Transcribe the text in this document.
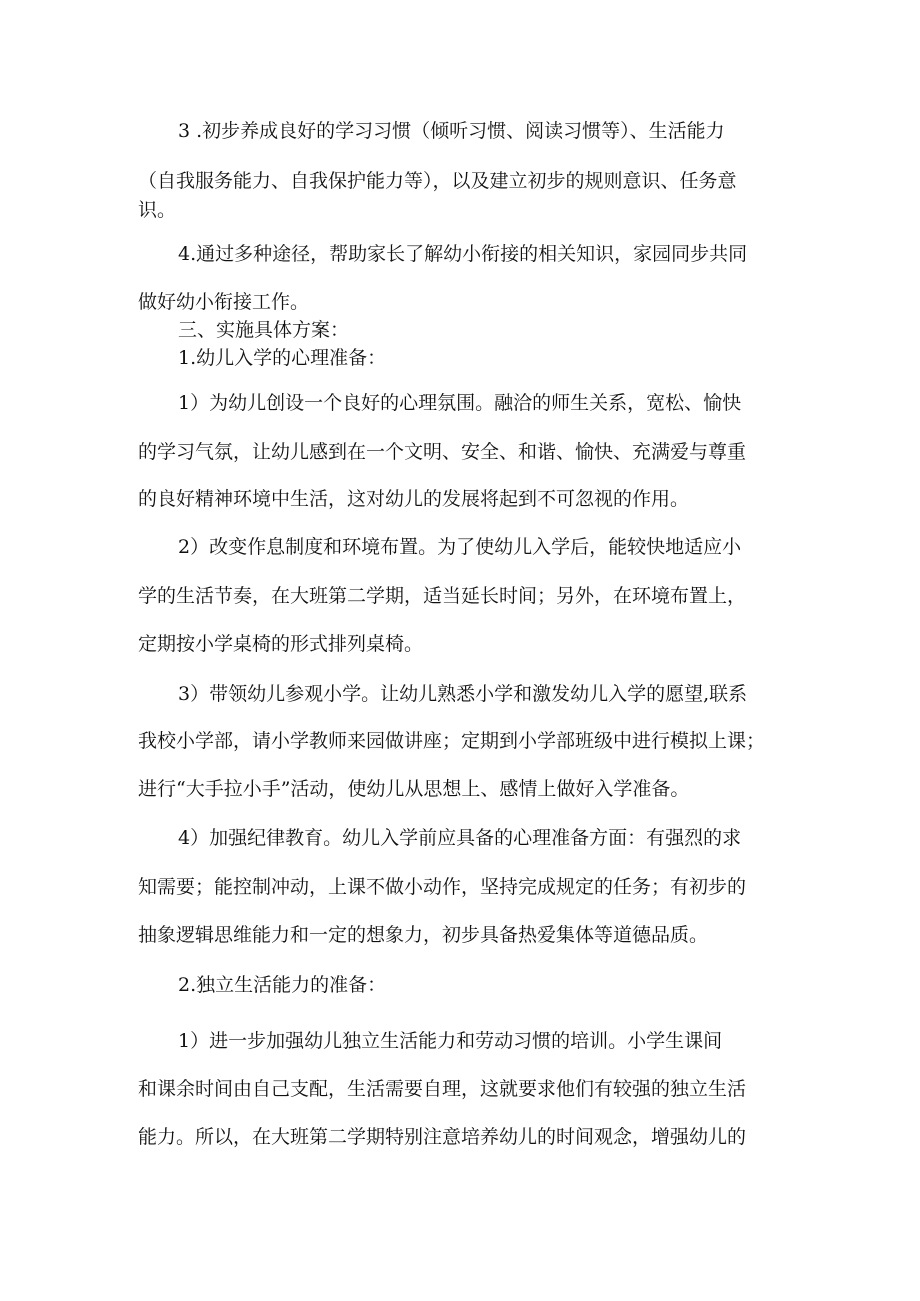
3 .初步养成良好的学习习惯（倾听习惯、阅读习惯等）、生活能力

（自我服务能力、自我保护能力等），以及建立初步的规则意识、任务意

识。

4.通过多种途径，帮助家长了解幼小衔接的相关知识，家园同步共同

做好幼小衔接工作。

三、实施具体方案：

1.幼儿入学的心理准备：

1）为幼儿创设一个良好的心理氛围。融洽的师生关系，宽松、愉快

的学习气氛，让幼儿感到在一个文明、安全、和谐、愉快、充满爱与尊重

的良好精神环境中生活，这对幼儿的发展将起到不可忽视的作用。

2）改变作息制度和环境布置。为了使幼儿入学后，能较快地适应小

学的生活节奏，在大班第二学期，适当延长时间；另外，在环境布置上，

定期按小学桌椅的形式排列桌椅。

3）带领幼儿参观小学。让幼儿熟悉小学和激发幼儿入学的愿望,联系

我校小学部，请小学教师来园做讲座；定期到小学部班级中进行模拟上课；

进行“大手拉小手”活动，使幼儿从思想上、感情上做好入学准备。

4）加强纪律教育。幼儿入学前应具备的心理准备方面：有强烈的求

知需要；能控制冲动，上课不做小动作，坚持完成规定的任务；有初步的

抽象逻辑思维能力和一定的想象力，初步具备热爱集体等道德品质。

2.独立生活能力的准备：

1）进一步加强幼儿独立生活能力和劳动习惯的培训。小学生课间

和课余时间由自己支配，生活需要自理，这就要求他们有较强的独立生活

能力。所以，在大班第二学期特别注意培养幼儿的时间观念，增强幼儿的
